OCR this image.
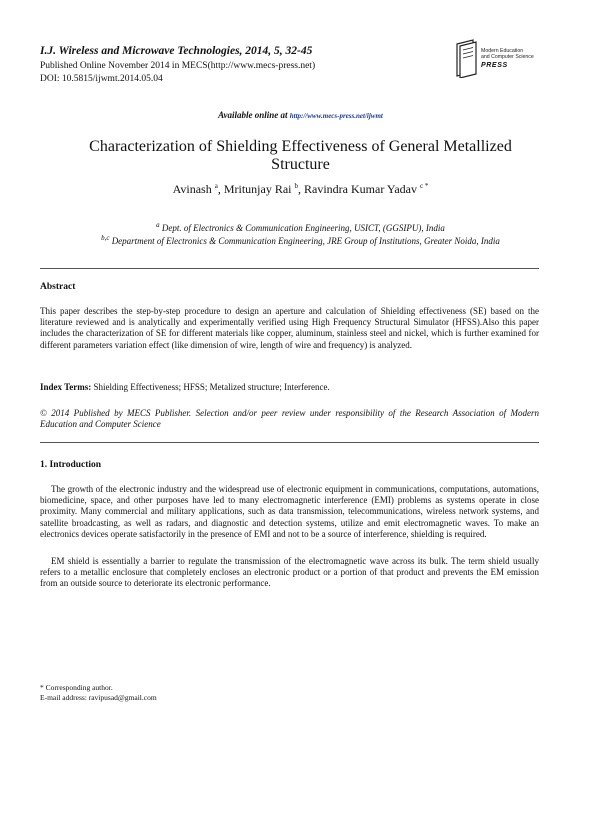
I.J. Wireless and Microwave Technologies, 2014, 5, 32-45
Published Online November 2014 in MECS(http://www.mecs-press.net)
DOI: 10.5815/ijwmt.2014.05.04
Modern Education
and Computer Science
PRESS
Available online at http://www.mecs-press.net/ijwmt
Characterization of Shielding Effectiveness of General Metallized
Structure
Avinash $^a$, Mritunjay Rai $^b$, Ravindra Kumar Yadav $^{c *}$
$^a$ Dept. of Electronics & Communication Engineering, USICT, (GGSIPU), India
$^{b,c}$ Department of Electronics & Communication Engineering, JRE Group of Institutions, Greater Noida, India
Abstract
This paper describes the step-by-step procedure to design an aperture and calculation of Shielding effectiveness (SE) based on the literature reviewed and is analytically and experimentally verified using High Frequency Structural Simulator (HFSS).Also this paper includes the characterization of SE for different materials like copper, aluminum, stainless steel and nickel, which is further examined for different parameters variation effect (like dimension of wire, length of wire and frequency) is analyzed.
Index Terms: Shielding Effectiveness; HFSS; Metalized structure; Interference.
© 2014 Published by MECS Publisher. Selection and/or peer review under responsibility of the Research Association of Modern Education and Computer Science
1. Introduction
The growth of the electronic industry and the widespread use of electronic equipment in communications, computations, automations, biomedicine, space, and other purposes have led to many electromagnetic interference (EMI) problems as systems operate in close proximity. Many commercial and military applications, such as data transmission, telecommunications, wireless network systems, and satellite broadcasting, as well as radars, and diagnostic and detection systems, utilize and emit electromagnetic waves. To make an electronics devices operate satisfactorily in the presence of EMI and not to be a source of interference, shielding is required.
EM shield is essentially a barrier to regulate the transmission of the electromagnetic wave across its bulk. The term shield usually refers to a metallic enclosure that completely encloses an electronic product or a portion of that product and prevents the EM emission from an outside source to deteriorate its electronic performance.
* Corresponding author.
E-mail address: ravipusad@gmail.com
